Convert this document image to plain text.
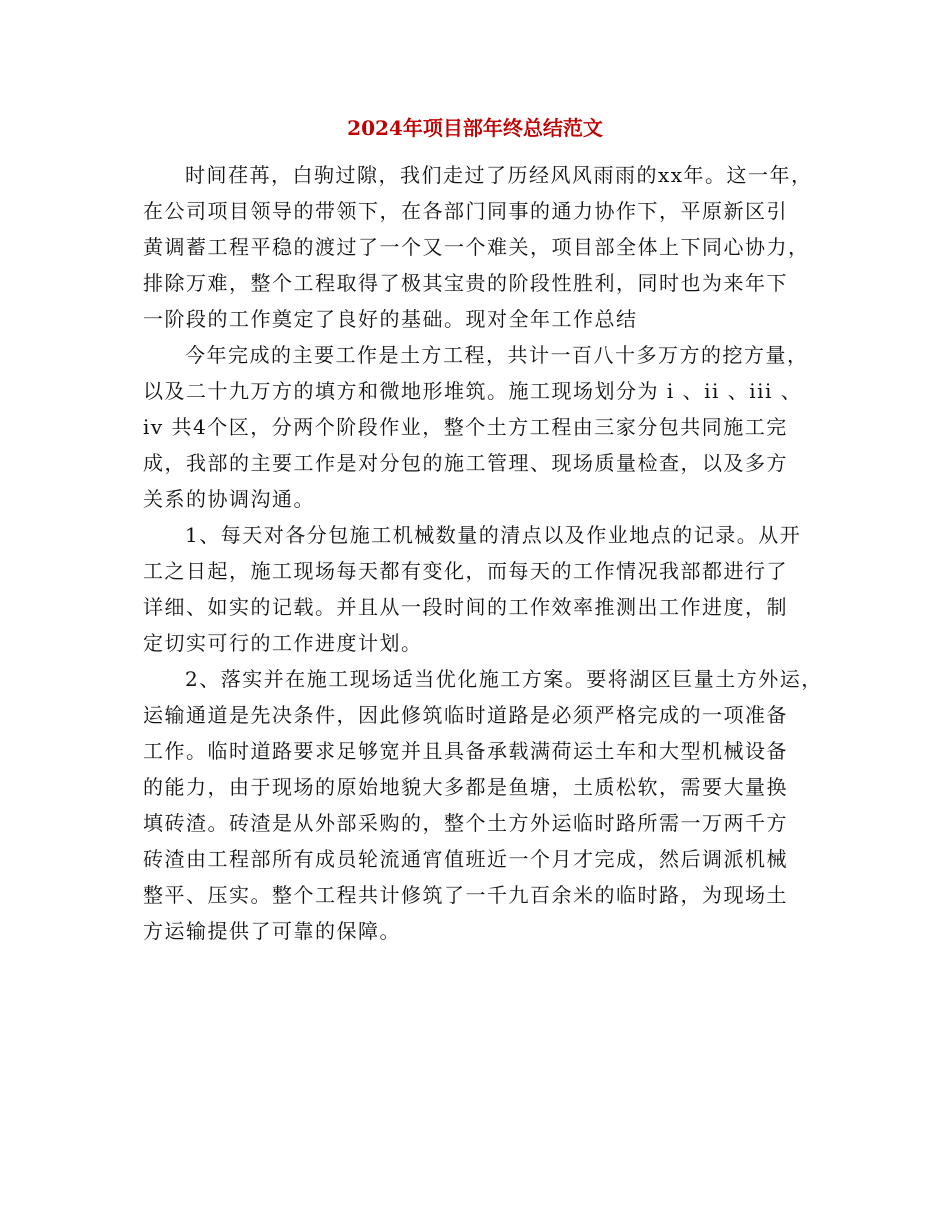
2024年项目部年终总结范文

时间荏苒，白驹过隙，我们走过了历经风风雨雨的xx年。这一年，
在公司项目领导的带领下，在各部门同事的通力协作下，平原新区引
黄调蓄工程平稳的渡过了一个又一个难关，项目部全体上下同心协力，
排除万难，整个工程取得了极其宝贵的阶段性胜利，同时也为来年下
一阶段的工作奠定了良好的基础。现对全年工作总结

今年完成的主要工作是土方工程，共计一百八十多万方的挖方量，
以及二十九万方的填方和微地形堆筑。施工现场划分为 i 、ii 、iii 、
iv 共4个区，分两个阶段作业，整个土方工程由三家分包共同施工完
成，我部的主要工作是对分包的施工管理、现场质量检查，以及多方
关系的协调沟通。

1、每天对各分包施工机械数量的清点以及作业地点的记录。从开
工之日起，施工现场每天都有变化，而每天的工作情况我部都进行了
详细、如实的记载。并且从一段时间的工作效率推测出工作进度，制
定切实可行的工作进度计划。

2、落实并在施工现场适当优化施工方案。要将湖区巨量土方外运，
运输通道是先决条件，因此修筑临时道路是必须严格完成的一项准备
工作。临时道路要求足够宽并且具备承载满荷运土车和大型机械设备
的能力，由于现场的原始地貌大多都是鱼塘，土质松软，需要大量换
填砖渣。砖渣是从外部采购的，整个土方外运临时路所需一万两千方
砖渣由工程部所有成员轮流通宵值班近一个月才完成，然后调派机械
整平、压实。整个工程共计修筑了一千九百余米的临时路，为现场土
方运输提供了可靠的保障。
